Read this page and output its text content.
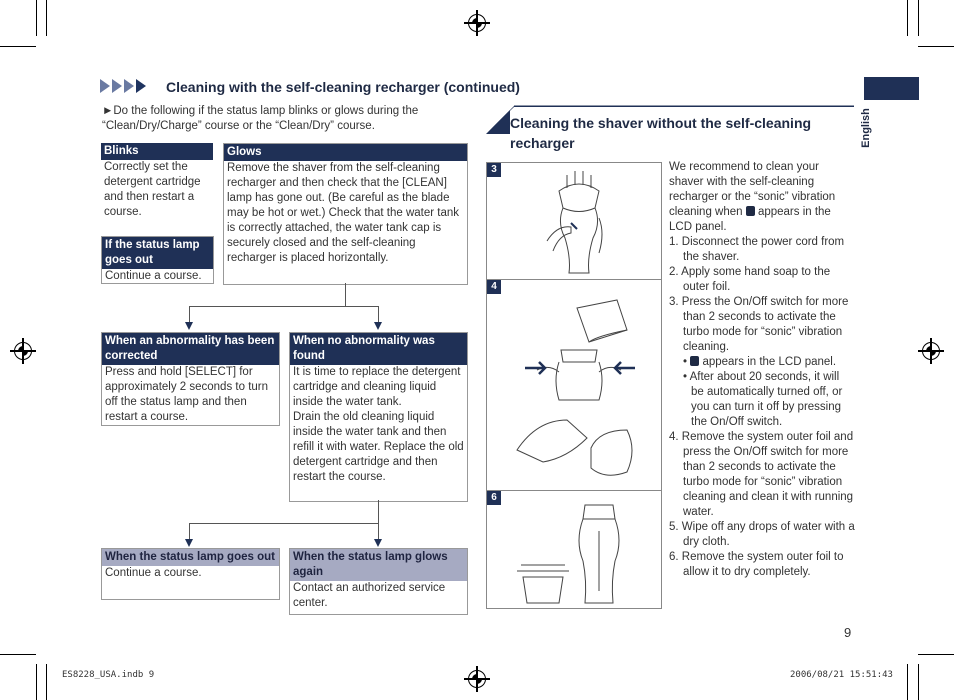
Cleaning with the self-cleaning recharger (continued)
►Do the following if the status lamp blinks or glows during the “Clean/Dry/Charge” course or the “Clean/Dry” course.
Blinks
Correctly set the detergent cartridge and then restart a course.
If the status lamp goes out
Continue a course.
Glows
Remove the shaver from the self-cleaning recharger and then check that the [CLEAN] lamp has gone out. (Be careful as the blade may be hot or wet.) Check that the water tank is correctly attached, the water tank cap is securely closed and the self-cleaning recharger is placed horizontally.
When an abnormality has been corrected
Press and hold [SELECT] for approximately 2 seconds to turn off the status lamp and then restart a course.
When no abnormality was found
It is time to replace the detergent cartridge and cleaning liquid inside the water tank.
Drain the old cleaning liquid inside the water tank and then refill it with water. Replace the old detergent cartridge and then restart the course.
When the status lamp goes out
Continue a course.
When the status lamp glows again
Contact an authorized service center.
Cleaning the shaver without the self-cleaning recharger	English
3
4
6

We recommend to clean your shaver with the self-cleaning recharger or the “sonic” vibration cleaning when appears in the LCD panel.

1. Disconnect the power cord from the shaver.

2. Apply some hand soap to the outer foil.

3. Press the On/Off switch for more than 2 seconds to activate the turbo mode for “sonic” vibration cleaning.

•  appears in the LCD panel.

• After about 20 seconds, it will be automatically turned off, or you can turn it off by pressing the On/Off switch.

4. Remove the system outer foil and press the On/Off switch for more than 2 seconds to activate the turbo mode for “sonic” vibration cleaning and clean it with running water.

5. Wipe off any drops of water with a dry cloth.

6. Remove the system outer foil to allow it to dry completely.

9
ES8228_USA.indb 9	2006/08/21 15:51:43
